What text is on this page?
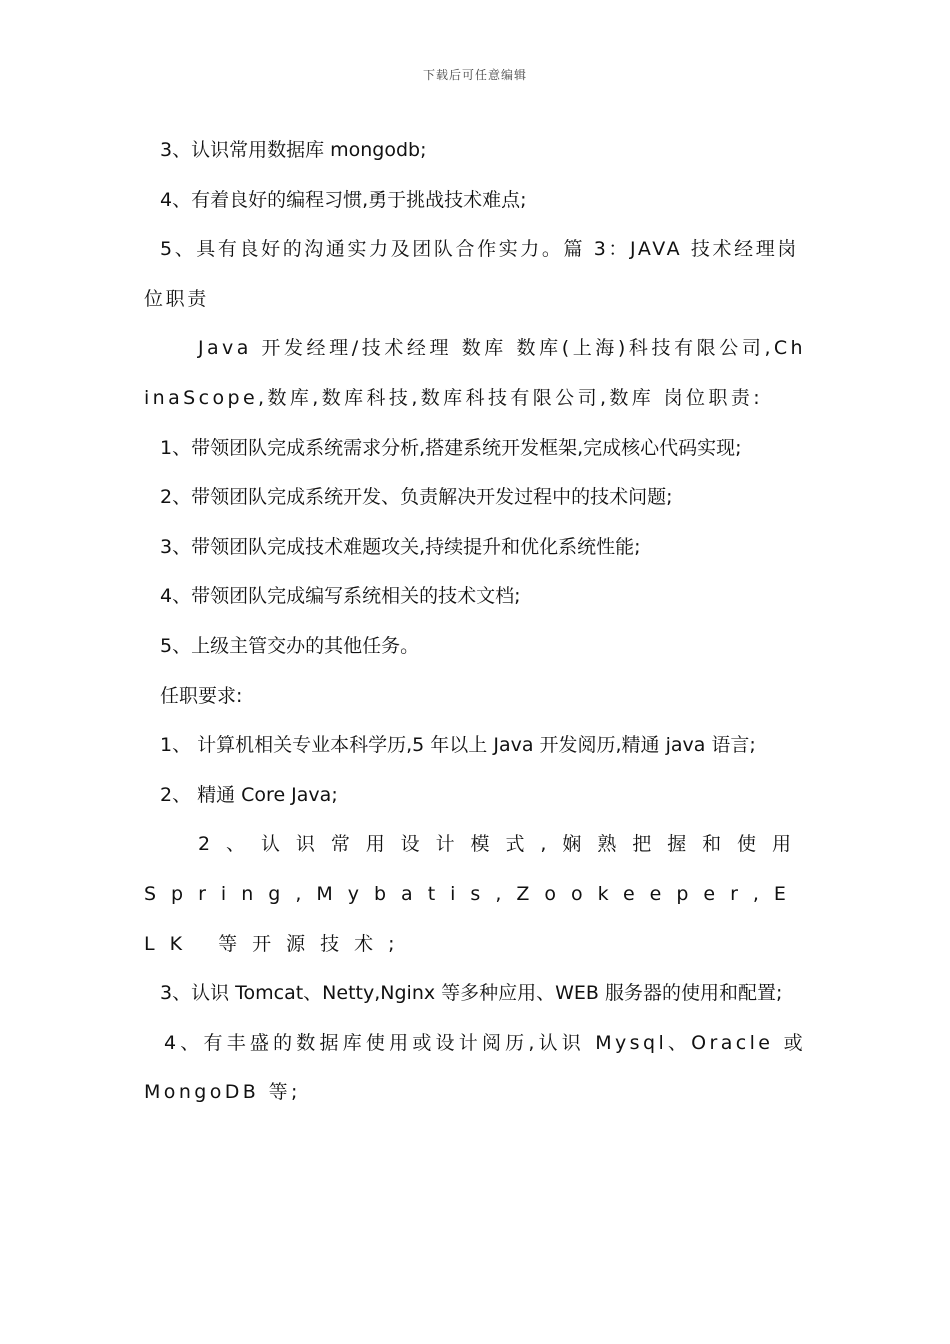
下载后可任意编辑

3、认识常用数据库 mongodb;

4、有着良好的编程习惯,勇于挑战技术难点;

5、具有良好的沟通实力及团队合作实力。篇 3：JAVA 技术经理岗位职责

Java 开发经理/技术经理 数库 数库(上海)科技有限公司,ChinaScope,数库,数库科技,数库科技有限公司,数库 岗位职责:

1、带领团队完成系统需求分析,搭建系统开发框架,完成核心代码实现;

2、带领团队完成系统开发、负责解决开发过程中的技术问题;

3、带领团队完成技术难题攻关,持续提升和优化系统性能;

4、带领团队完成编写系统相关的技术文档;

5、上级主管交办的其他任务。

任职要求:

1、 计算机相关专业本科学历,5 年以上 Java 开发阅历,精通 java 语言;

2、 精通 Core Java;

2、认识常用设计模式,娴熟把握和使用 Spring,Mybatis,Zookeeper,ELK 等开源技术;

3、认识 Tomcat、Netty,Nginx 等多种应用、WEB 服务器的使用和配置;

4、有丰盛的数据库使用或设计阅历,认识 Mysql、Oracle 或 MongoDB 等;
